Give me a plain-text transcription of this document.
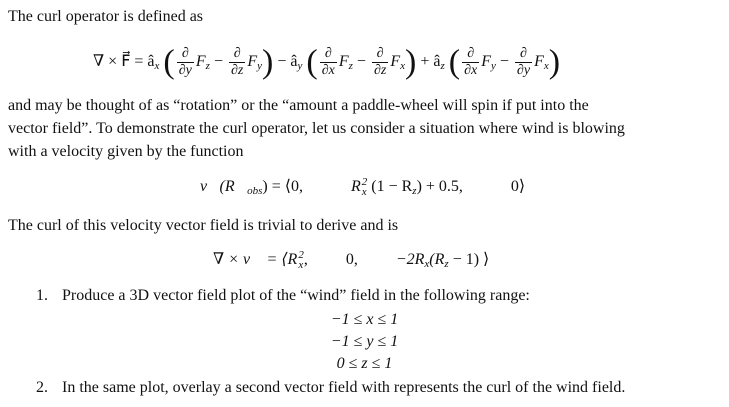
The curl operator is defined as
∇ × F⃗ = $â_x$ ( $\frac{\partial}{\partial y} F_z - \frac{\partial}{\partial z} F_y$) − $â_y$ ( $\frac{\partial}{\partial x} F_z - \frac{\partial}{\partial z} F_x$) + $â_z$ ( $\frac{\partial}{\partial x} F_y - \frac{\partial}{\partial y} F_x$)
and may be thought of as “rotation” or the “amount a paddle-wheel will spin if put into the
vector field”. To demonstrate the curl operator, let us consider a situation where wind is blowing
with a velocity given by the function
$v⃗(R⃗_{obs})$ = ⟨0,	R 2
x $(1 - R_z) + 0.5$,	0⟩
The curl of this velocity vector field is trivial to derive and is
∇ × v⃗ = ⟨R 2
x , 0, $-2R_x(R_z - 1)$ ⟩
1. Produce a 3D vector field plot of the “wind” field in the following range:
−1 ≤ x ≤ 1
−1 ≤ y ≤ 1
0 ≤ z ≤ 1
2. In the same plot, overlay a second vector field with represents the curl of the wind field.
